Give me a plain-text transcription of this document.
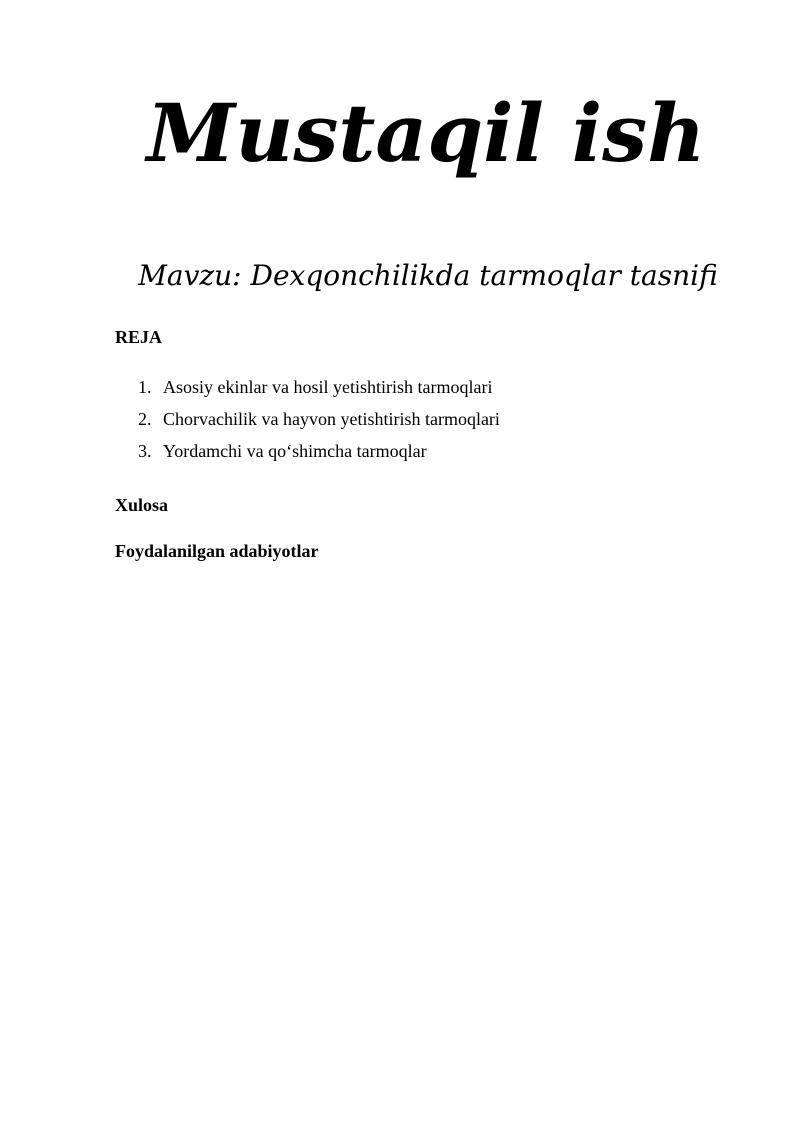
Mustaqil ish
Mavzu: Dexqonchilikda tarmoqlar tasnifi
REJA
1. Asosiy ekinlar va hosil yetishtirish tarmoqlari
2. Chorvachilik va hayvon yetishtirish tarmoqlari
3. Yordamchi va qo‘shimcha tarmoqlar
Xulosa
Foydalanilgan adabiyotlar
